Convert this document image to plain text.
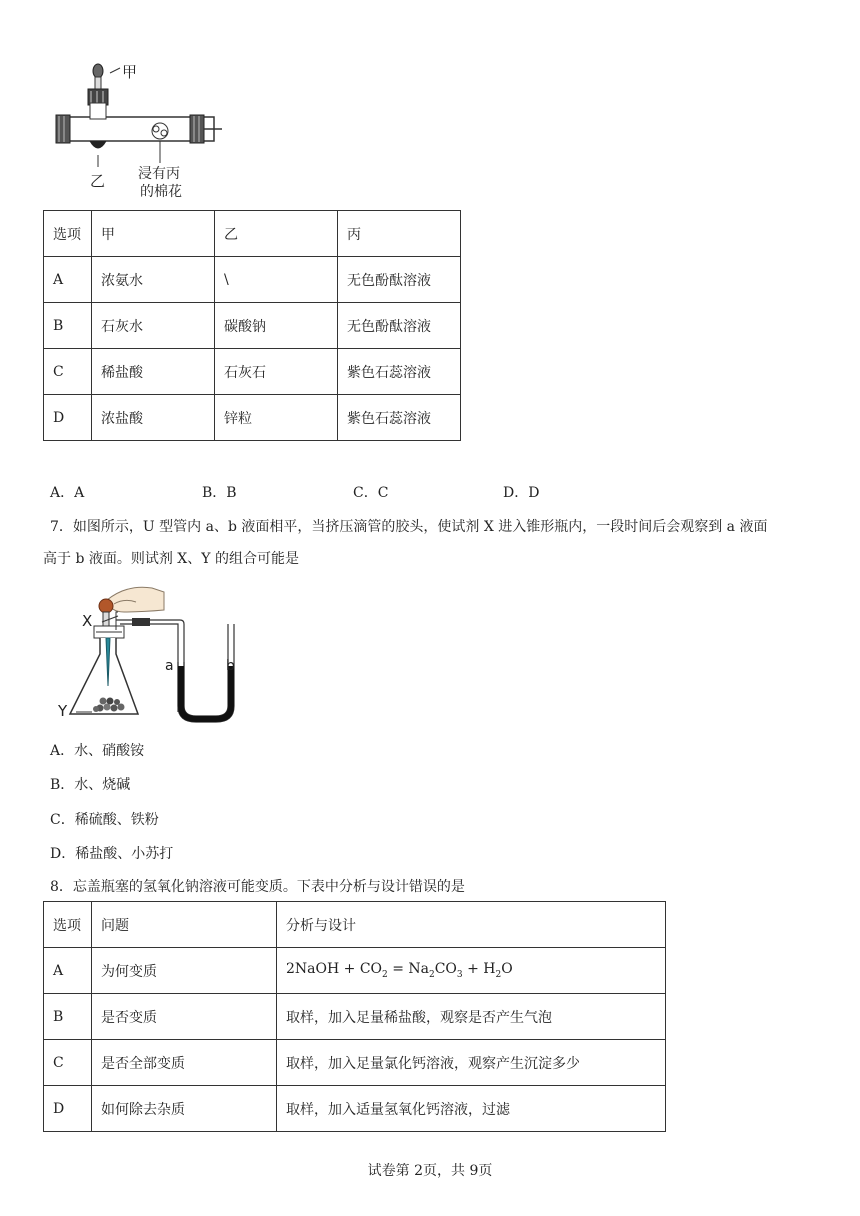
甲
乙 浸有丙
的棉花
选项	甲	乙	丙
A	浓氨水	\	无色酚酞溶液
B	石灰水	碳酸钠	无色酚酞溶液
C	稀盐酸	石灰石	紫色石蕊溶液
D	浓盐酸	锌粒	紫色石蕊溶液
A．A	B．B	C．C	D．D
7．如图所示，U 型管内 a、b 液面相平，当挤压滴管的胶头，使试剂 X 进入锥形瓶内，一段时间后会观察到 a 液面
高于 b 液面。则试剂 X、Y 的组合可能是
X
Y
a	b
A．水、硝酸铵
B．水、烧碱
C．稀硫酸、铁粉
D．稀盐酸、小苏打
8．忘盖瓶塞的氢氧化钠溶液可能变质。下表中分析与设计错误的是
选项	问题	分析与设计
A	为何变质	2NaOH + $CO_2 = Na_2CO_3 + H_2O$
B	是否变质	取样，加入足量稀盐酸，观察是否产生气泡
C	是否全部变质	取样，加入足量氯化钙溶液，观察产生沉淀多少
D	如何除去杂质	取样，加入适量氢氧化钙溶液，过滤
试卷第 2页，共 9页
